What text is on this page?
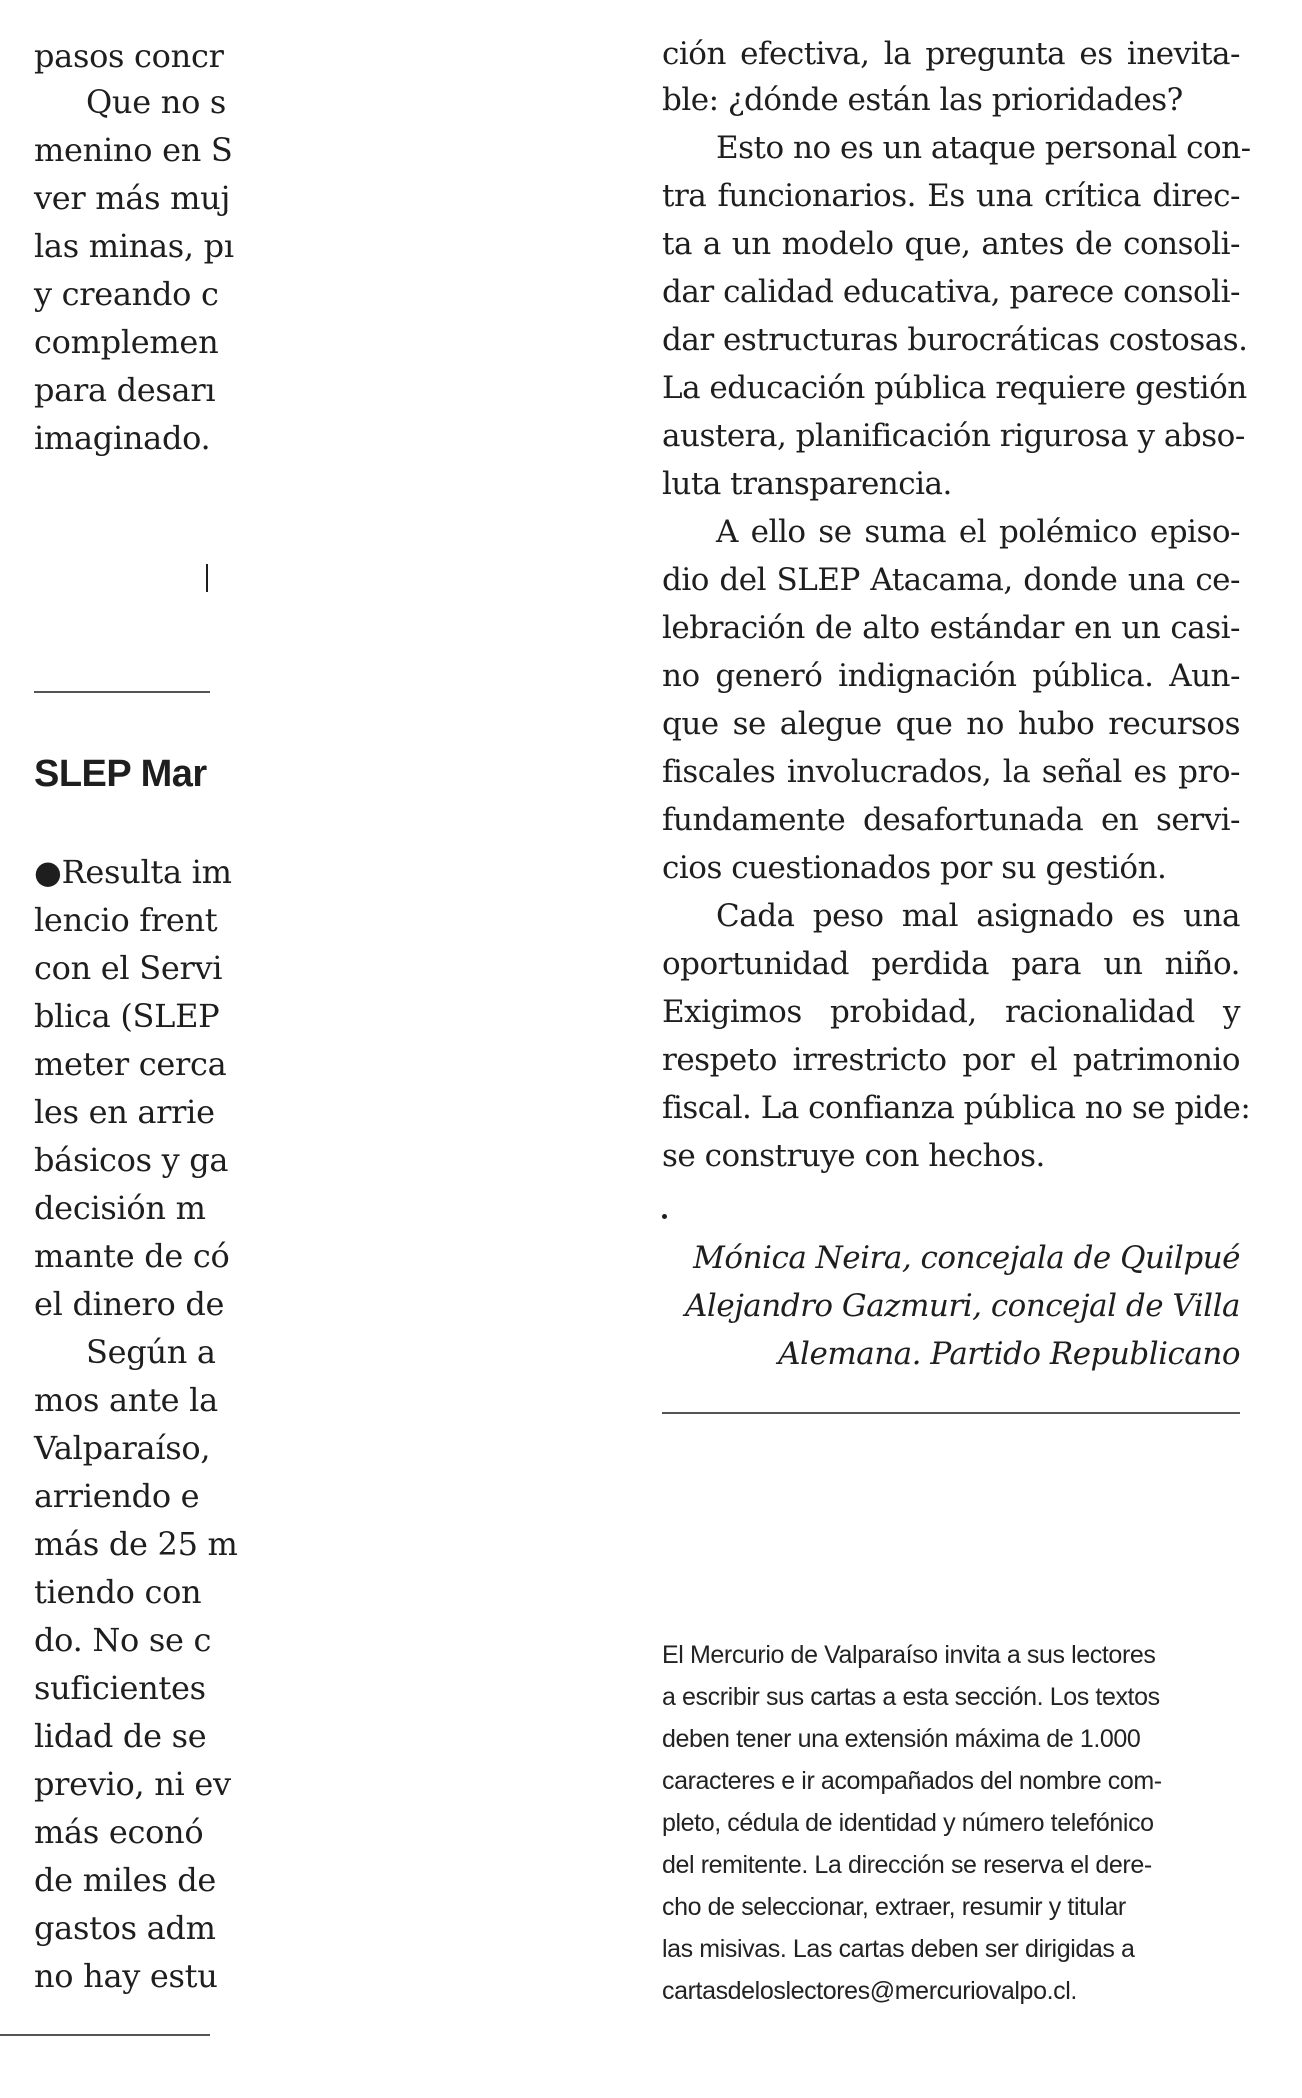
pasos concr
Que no s
menino en S
ver más muj
las minas, pı
y creando c
complemen
para desarı
imaginado.
SLEP Mar
●Resulta im
lencio frent
con el Servi
blica (SLEP
meter cerca
les en arrie
básicos y ga
decisión m
mante de có
el dinero de
Según a
mos ante la
Valparaíso,
arriendo e
más de 25 m
tiendo con
do. No se c
suficientes
lidad de se
previo, ni ev
más econó
de miles de
gastos adm
no hay estu
ción efectiva, la pregunta es inevita-
ble: ¿dónde están las prioridades?
Esto no es un ataque personal con-
tra funcionarios. Es una crítica direc-
ta a un modelo que, antes de consoli-
dar calidad educativa, parece consoli-
dar estructuras burocráticas costosas.
La educación pública requiere gestión
austera, planificación rigurosa y abso-
luta transparencia.
A ello se suma el polémico episo-
dio del SLEP Atacama, donde una ce-
lebración de alto estándar en un casi-
no generó indignación pública. Aun-
que se alegue que no hubo recursos
fiscales involucrados, la señal es pro-
fundamente desafortunada en servi-
cios cuestionados por su gestión.
Cada peso mal asignado es una
oportunidad perdida para un niño.
Exigimos probidad, racionalidad y
respeto irrestricto por el patrimonio
fiscal. La confianza pública no se pide:
se construye con hechos.
Mónica Neira, concejala de Quilpué
Alejandro Gazmuri, concejal de Villa
Alemana. Partido Republicano
El Mercurio de Valparaíso invita a sus lectores
a escribir sus cartas a esta sección. Los textos
deben tener una extensión máxima de 1.000
caracteres e ir acompañados del nombre com-
pleto, cédula de identidad y número telefónico
del remitente. La dirección se reserva el dere-
cho de seleccionar, extraer, resumir y titular
las misivas. Las cartas deben ser dirigidas a
cartasdeloslectores@mercuriovalpo.cl.
